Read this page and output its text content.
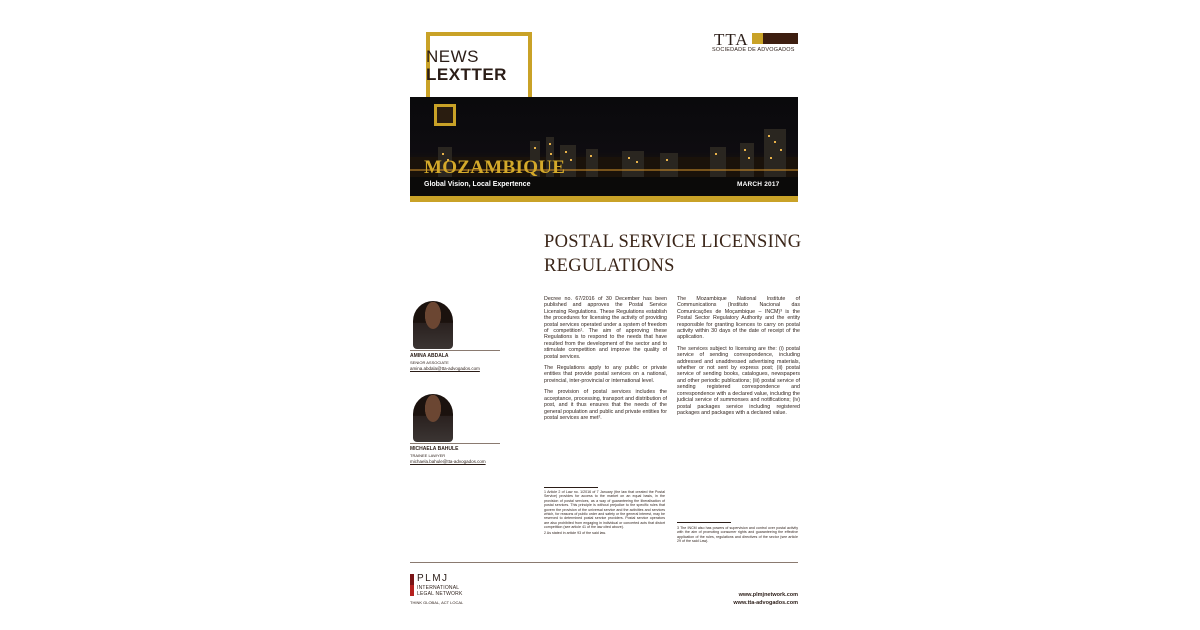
NEWS
LEXTTER
TTA
SOCIEDADE DE ADVOGADOS
MOZAMBIQUE
Global Vision, Local Expertence	MARCH 2017
POSTAL SERVICE LICENSING REGULATIONS
AMINA ABDALA
SENIOR ASSOCIATE
amina.abdala@tta-advogados.com
MICHAELA BAHULE
TRAINEE LAWYER
michaela.bahule@tta-advogados.com

Decree no. 67/2016 of 30 December has been published and approves the Postal Service Licensing Regulations. These Regulations establish the procedures for licensing the activity of providing postal services operated under a system of freedom of competition¹. The aim of approving these Regulations is to respond to the needs that have resulted from the development of the sector and to stimulate competition and improve the quality of postal services.

The Regulations apply to any public or private entities that provide postal services on a national, provincial, inter-provincial or international level.

The provision of postal services includes the acceptance, processing, transport and distribution of post, and it thus ensures that the needs of the general population and public and private entities for postal services are met².

The Mozambique National Institute of Communications (Instituto Nacional das Comunicações de Moçambique – INCM)³ is the Postal Sector Regulatory Authority and the entity responsible for granting licences to carry on postal activity within 30 days of the date of receipt of the application.

The services subject to licensing are the: (i) postal service of sending correspondence, including addressed and unaddressed advertising materials, whether or not sent by express post; (ii) postal service of sending books, catalogues, newspapers and other periodic publications; (iii) postal service of sending registered correspondence and correspondence with a declared value, including the judicial service of summonses and notifications; (iv) postal packages service including registered packages and packages with a declared value.

1 Article 2 of Law no. 1/2016 of 7 January (the law that created the Postal Service) provides for access to the market on an equal basis, in the provision of postal services, as a way of guaranteeing the liberalisation of postal services. This principle is without prejudice to the specific rules that govern the provision of the universal service and the activities and services which, for reasons of public order and safety or the general interest, may be reserved to determined postal service providers. Postal service operators are also prohibited from engaging in individual or concerted acts that distort competition (see article 41 of the law cited above).

2 As stated in article 93 of the said law.

3 The INCM also has powers of supervision and control over postal activity with the aim of promoting consumer rights and guaranteeing the effective application of the rules, regulations and directives of the sector (see article 29 of the said Law).

PLMJ
INTERNATIONAL
LEGAL NETWORK
THINK GLOBAL, ACT LOCAL
www.plmjnetwork.com
www.tta-advogados.com
